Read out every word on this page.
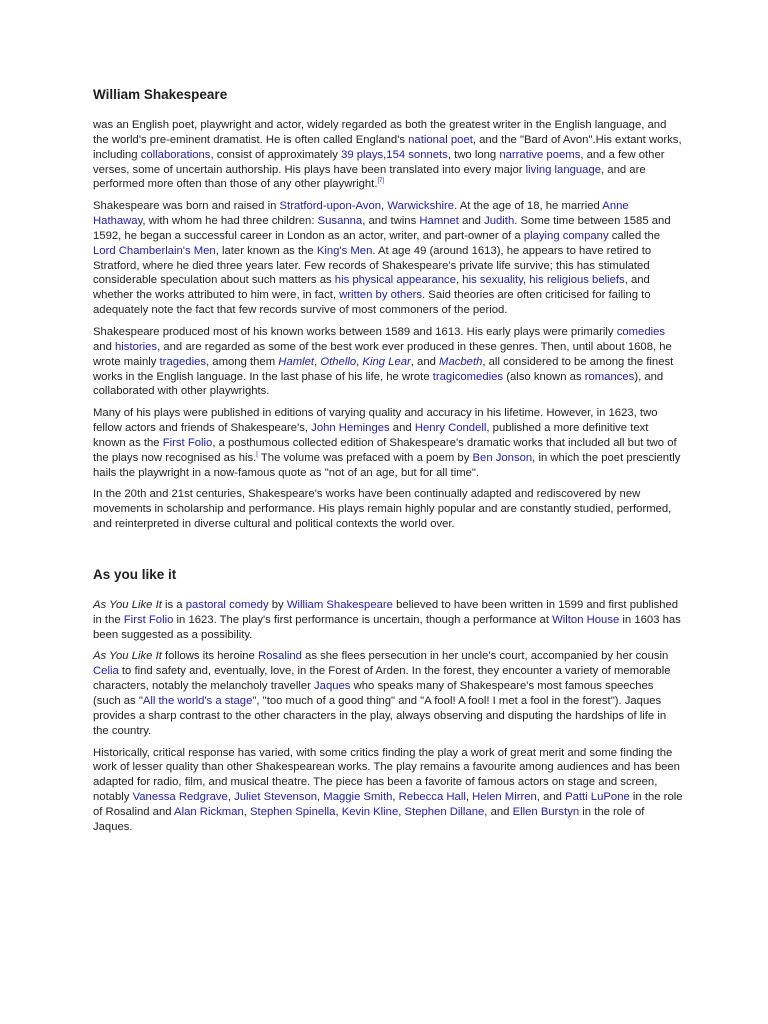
William Shakespeare

was an English poet, playwright and actor, widely regarded as both the greatest writer in the English language, and the world's pre-eminent dramatist. He is often called England's national poet, and the "Bard of Avon".His extant works, including collaborations, consist of approximately 39 plays,154 sonnets, two long narrative poems, and a few other verses, some of uncertain authorship. His plays have been translated into every major living language, and are performed more often than those of any other playwright.[7]

Shakespeare was born and raised in Stratford-upon-Avon, Warwickshire. At the age of 18, he married Anne Hathaway, with whom he had three children: Susanna, and twins Hamnet and Judith. Some time between 1585 and 1592, he began a successful career in London as an actor, writer, and part-owner of a playing company called the Lord Chamberlain's Men, later known as the King's Men. At age 49 (around 1613), he appears to have retired to Stratford, where he died three years later. Few records of Shakespeare's private life survive; this has stimulated considerable speculation about such matters as his physical appearance, his sexuality, his religious beliefs, and whether the works attributed to him were, in fact, written by others. Said theories are often criticised for failing to adequately note the fact that few records survive of most commoners of the period.

Shakespeare produced most of his known works between 1589 and 1613. His early plays were primarily comedies and histories, and are regarded as some of the best work ever produced in these genres. Then, until about 1608, he wrote mainly tragedies, among them Hamlet, Othello, King Lear, and Macbeth, all considered to be among the finest works in the English language. In the last phase of his life, he wrote tragicomedies (also known as romances), and collaborated with other playwrights.

Many of his plays were published in editions of varying quality and accuracy in his lifetime. However, in 1623, two fellow actors and friends of Shakespeare's, John Heminges and Henry Condell, published a more definitive text known as the First Folio, a posthumous collected edition of Shakespeare's dramatic works that included all but two of the plays now recognised as his.[ The volume was prefaced with a poem by Ben Jonson, in which the poet presciently hails the playwright in a now-famous quote as "not of an age, but for all time".

In the 20th and 21st centuries, Shakespeare's works have been continually adapted and rediscovered by new movements in scholarship and performance. His plays remain highly popular and are constantly studied, performed, and reinterpreted in diverse cultural and political contexts the world over.

As you like it

As You Like It is a pastoral comedy by William Shakespeare believed to have been written in 1599 and first published in the First Folio in 1623. The play's first performance is uncertain, though a performance at Wilton House in 1603 has been suggested as a possibility.

As You Like It follows its heroine Rosalind as she flees persecution in her uncle's court, accompanied by her cousin Celia to find safety and, eventually, love, in the Forest of Arden. In the forest, they encounter a variety of memorable characters, notably the melancholy traveller Jaques who speaks many of Shakespeare's most famous speeches (such as "All the world's a stage", "too much of a good thing" and "A fool! A fool! I met a fool in the forest"). Jaques provides a sharp contrast to the other characters in the play, always observing and disputing the hardships of life in the country.

Historically, critical response has varied, with some critics finding the play a work of great merit and some finding the work of lesser quality than other Shakespearean works. The play remains a favourite among audiences and has been adapted for radio, film, and musical theatre. The piece has been a favorite of famous actors on stage and screen, notably Vanessa Redgrave, Juliet Stevenson, Maggie Smith, Rebecca Hall, Helen Mirren, and Patti LuPone in the role of Rosalind and Alan Rickman, Stephen Spinella, Kevin Kline, Stephen Dillane, and Ellen Burstyn in the role of Jaques.
